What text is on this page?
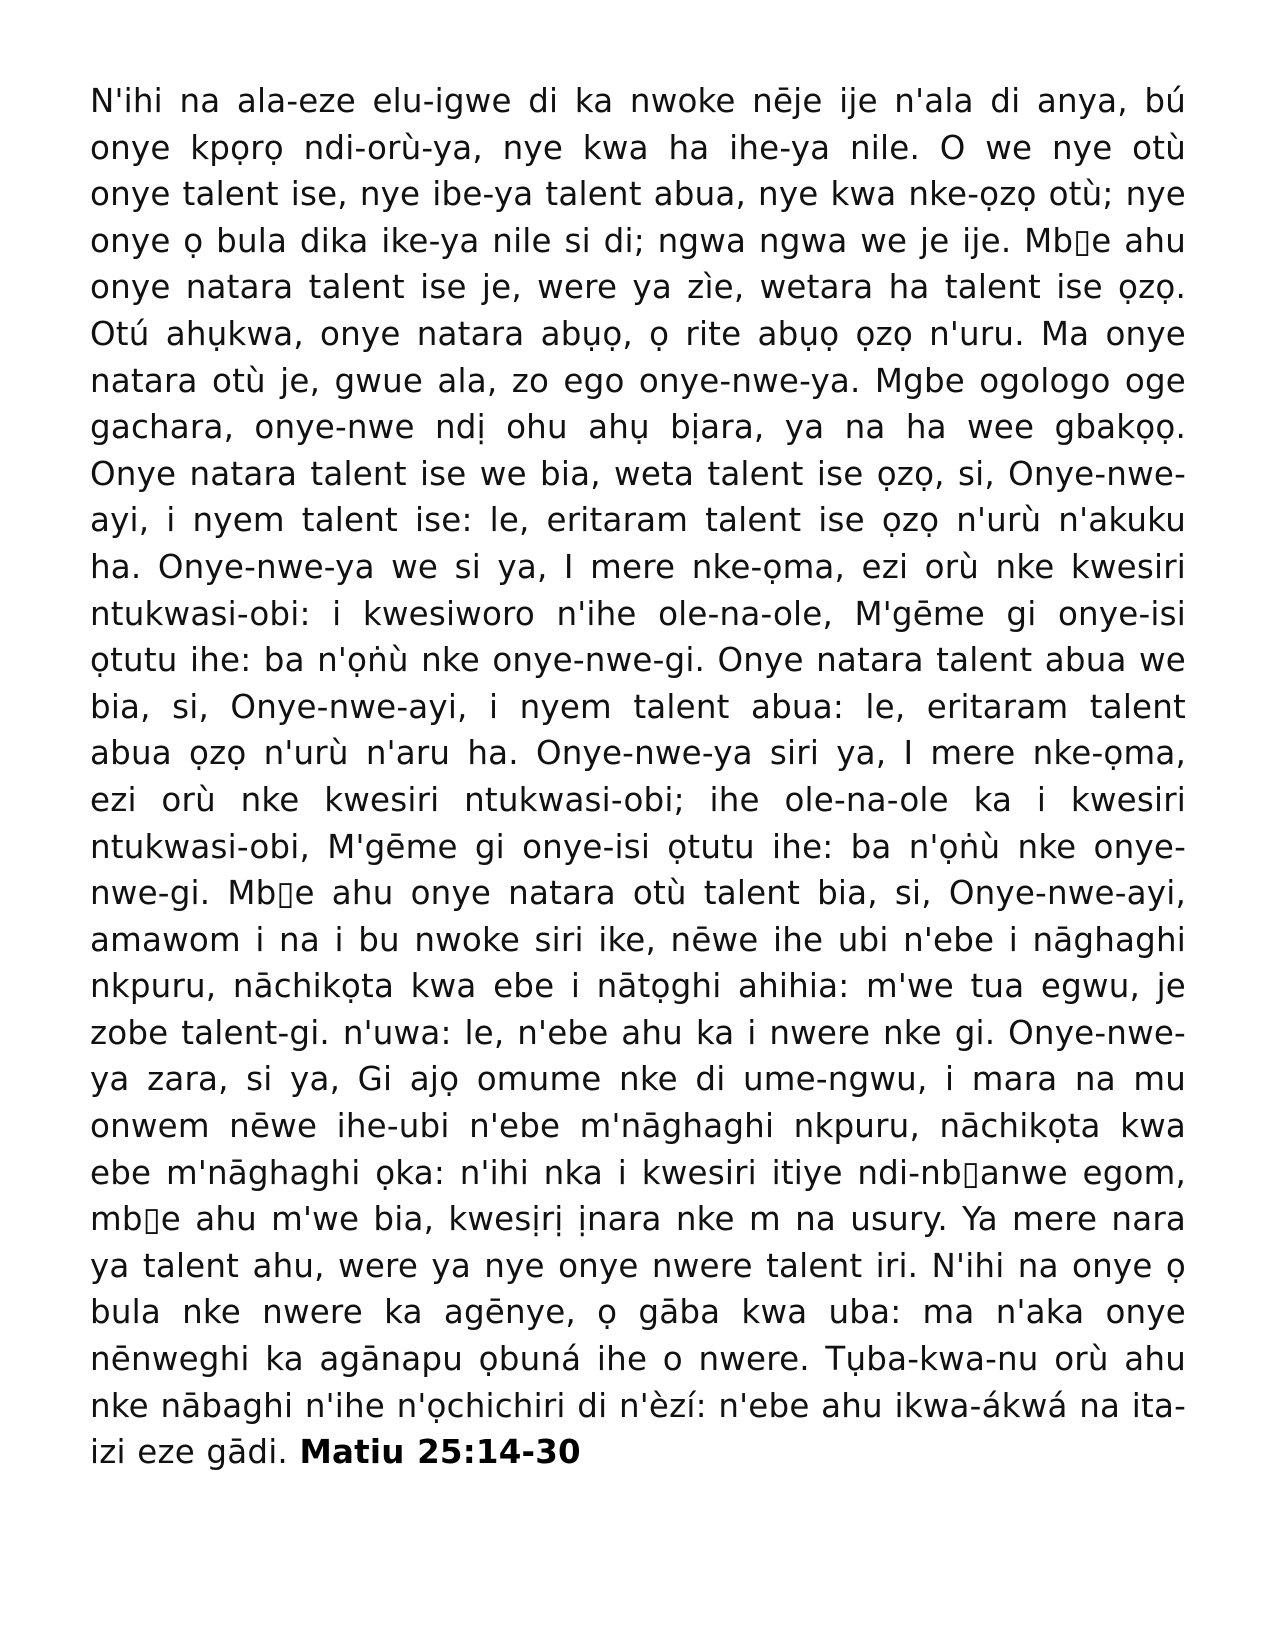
N'ihi na ala-eze elu-igwe di ka nwoke nēje ije n'ala di anya, bú onye kpọrọ ndi-orù-ya, nye kwa ha ihe-ya nile. O we nye otù onye talent ise, nye ibe-ya talent abua, nye kwa nke-ọzọ otù; nye onye ọ bula dika ike-ya nile si di; ngwa ngwa we je ije. Mb▯e ahu onye natara talent ise je, were ya zìe, wetara ha talent ise ọzọ. Otú ahụkwa, onye natara abụọ, ọ rite abụọ ọzọ n'uru. Ma onye natara otù je, gwue ala, zo ego onye-nwe-ya. Mgbe ogologo oge gachara, onye-nwe ndị ohu ahụ bịara, ya na ha wee gbakọọ. Onye natara talent ise we bia, weta talent ise ọzọ, si, Onye-nwe-ayi, i nyem talent ise: le, eritaram talent ise ọzọ n'urù n'akuku ha. Onye-nwe-ya we si ya, I mere nke-ọma, ezi orù nke kwesiri ntukwasi-obi: i kwesiworo n'ihe ole-na-ole, M'gēme gi onye-isi ọtutu ihe: ba n'ọṅù nke onye-nwe-gi. Onye natara talent abua we bia, si, Onye-nwe-ayi, i nyem talent abua: le, eritaram talent abua ọzọ n'urù n'aru ha. Onye-nwe-ya siri ya, I mere nke-ọma, ezi orù nke kwesiri ntukwasi-obi; ihe ole-na-ole ka i kwesiri ntukwasi-obi, M'gēme gi onye-isi ọtutu ihe: ba n'ọṅù nke onye-nwe-gi. Mb▯e ahu onye natara otù talent bia, si, Onye-nwe-ayi, amawom i na i bu nwoke siri ike, nēwe ihe ubi n'ebe i nāghaghi nkpuru, nāchikọta kwa ebe i nātọghi ahihia: m'we tua egwu, je zobe talent-gi. n'uwa: le, n'ebe ahu ka i nwere nke gi. Onye-nwe-ya zara, si ya, Gi ajọ omume nke di ume-ngwu, i mara na mu onwem nēwe ihe-ubi n'ebe m'nāghaghi nkpuru, nāchikọta kwa ebe m'nāghaghi ọka: n'ihi nka i kwesiri itiye ndi-nb▯anwe egom, mb▯e ahu m'we bia, kwesịrị ịnara nke m na usury. Ya mere nara ya talent ahu, were ya nye onye nwere talent iri. N'ihi na onye ọ bula nke nwere ka agēnye, ọ gāba kwa uba: ma n'aka onye nēnweghi ka agānapu ọbuná ihe o nwere. Tụba-kwa-nu orù ahu nke nābaghi n'ihe n'ọchichiri di n'èzí: n'ebe ahu ikwa-ákwá na ita-izi eze gādi. Matiu 25:14-30
